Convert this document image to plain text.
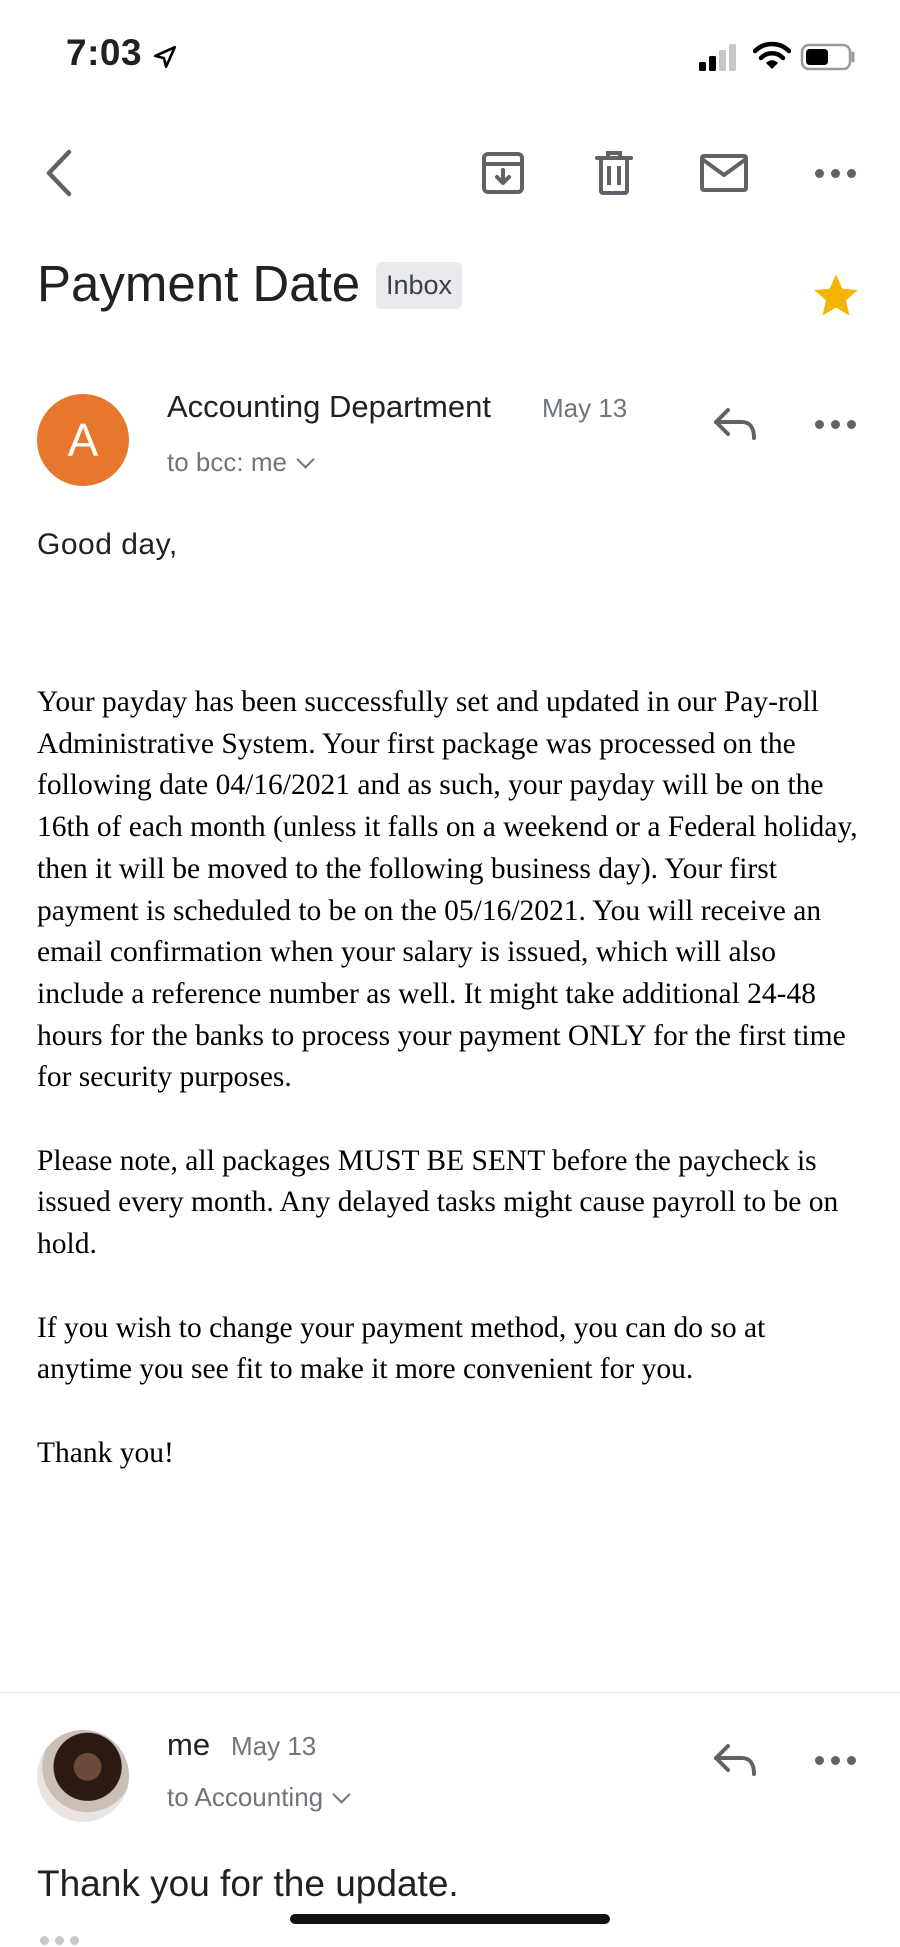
7:03
Payment Date Inbox
A
Accounting Department May 13
to bcc: me
Good day,

Your payday has been successfully set and updated in our Pay-roll Administrative System. Your first package was processed on the following date 04/16/2021 and as such, your payday will be on the 16th of each month (unless it falls on a weekend or a Federal holiday, then it will be moved to the following business day). Your first payment is scheduled to be on the 05/16/2021. You will receive an email confirmation when your salary is issued, which will also include a reference number as well. It might take additional 24-48 hours for the banks to process your payment ONLY for the first time for security purposes.

Please note, all packages MUST BE SENT before the paycheck is issued every month. Any delayed tasks might cause payroll to be on hold.

If you wish to change your payment method, you can do so at anytime you see fit to make it more convenient for you.

Thank you!

me May 13
to Accounting
Thank you for the update.
